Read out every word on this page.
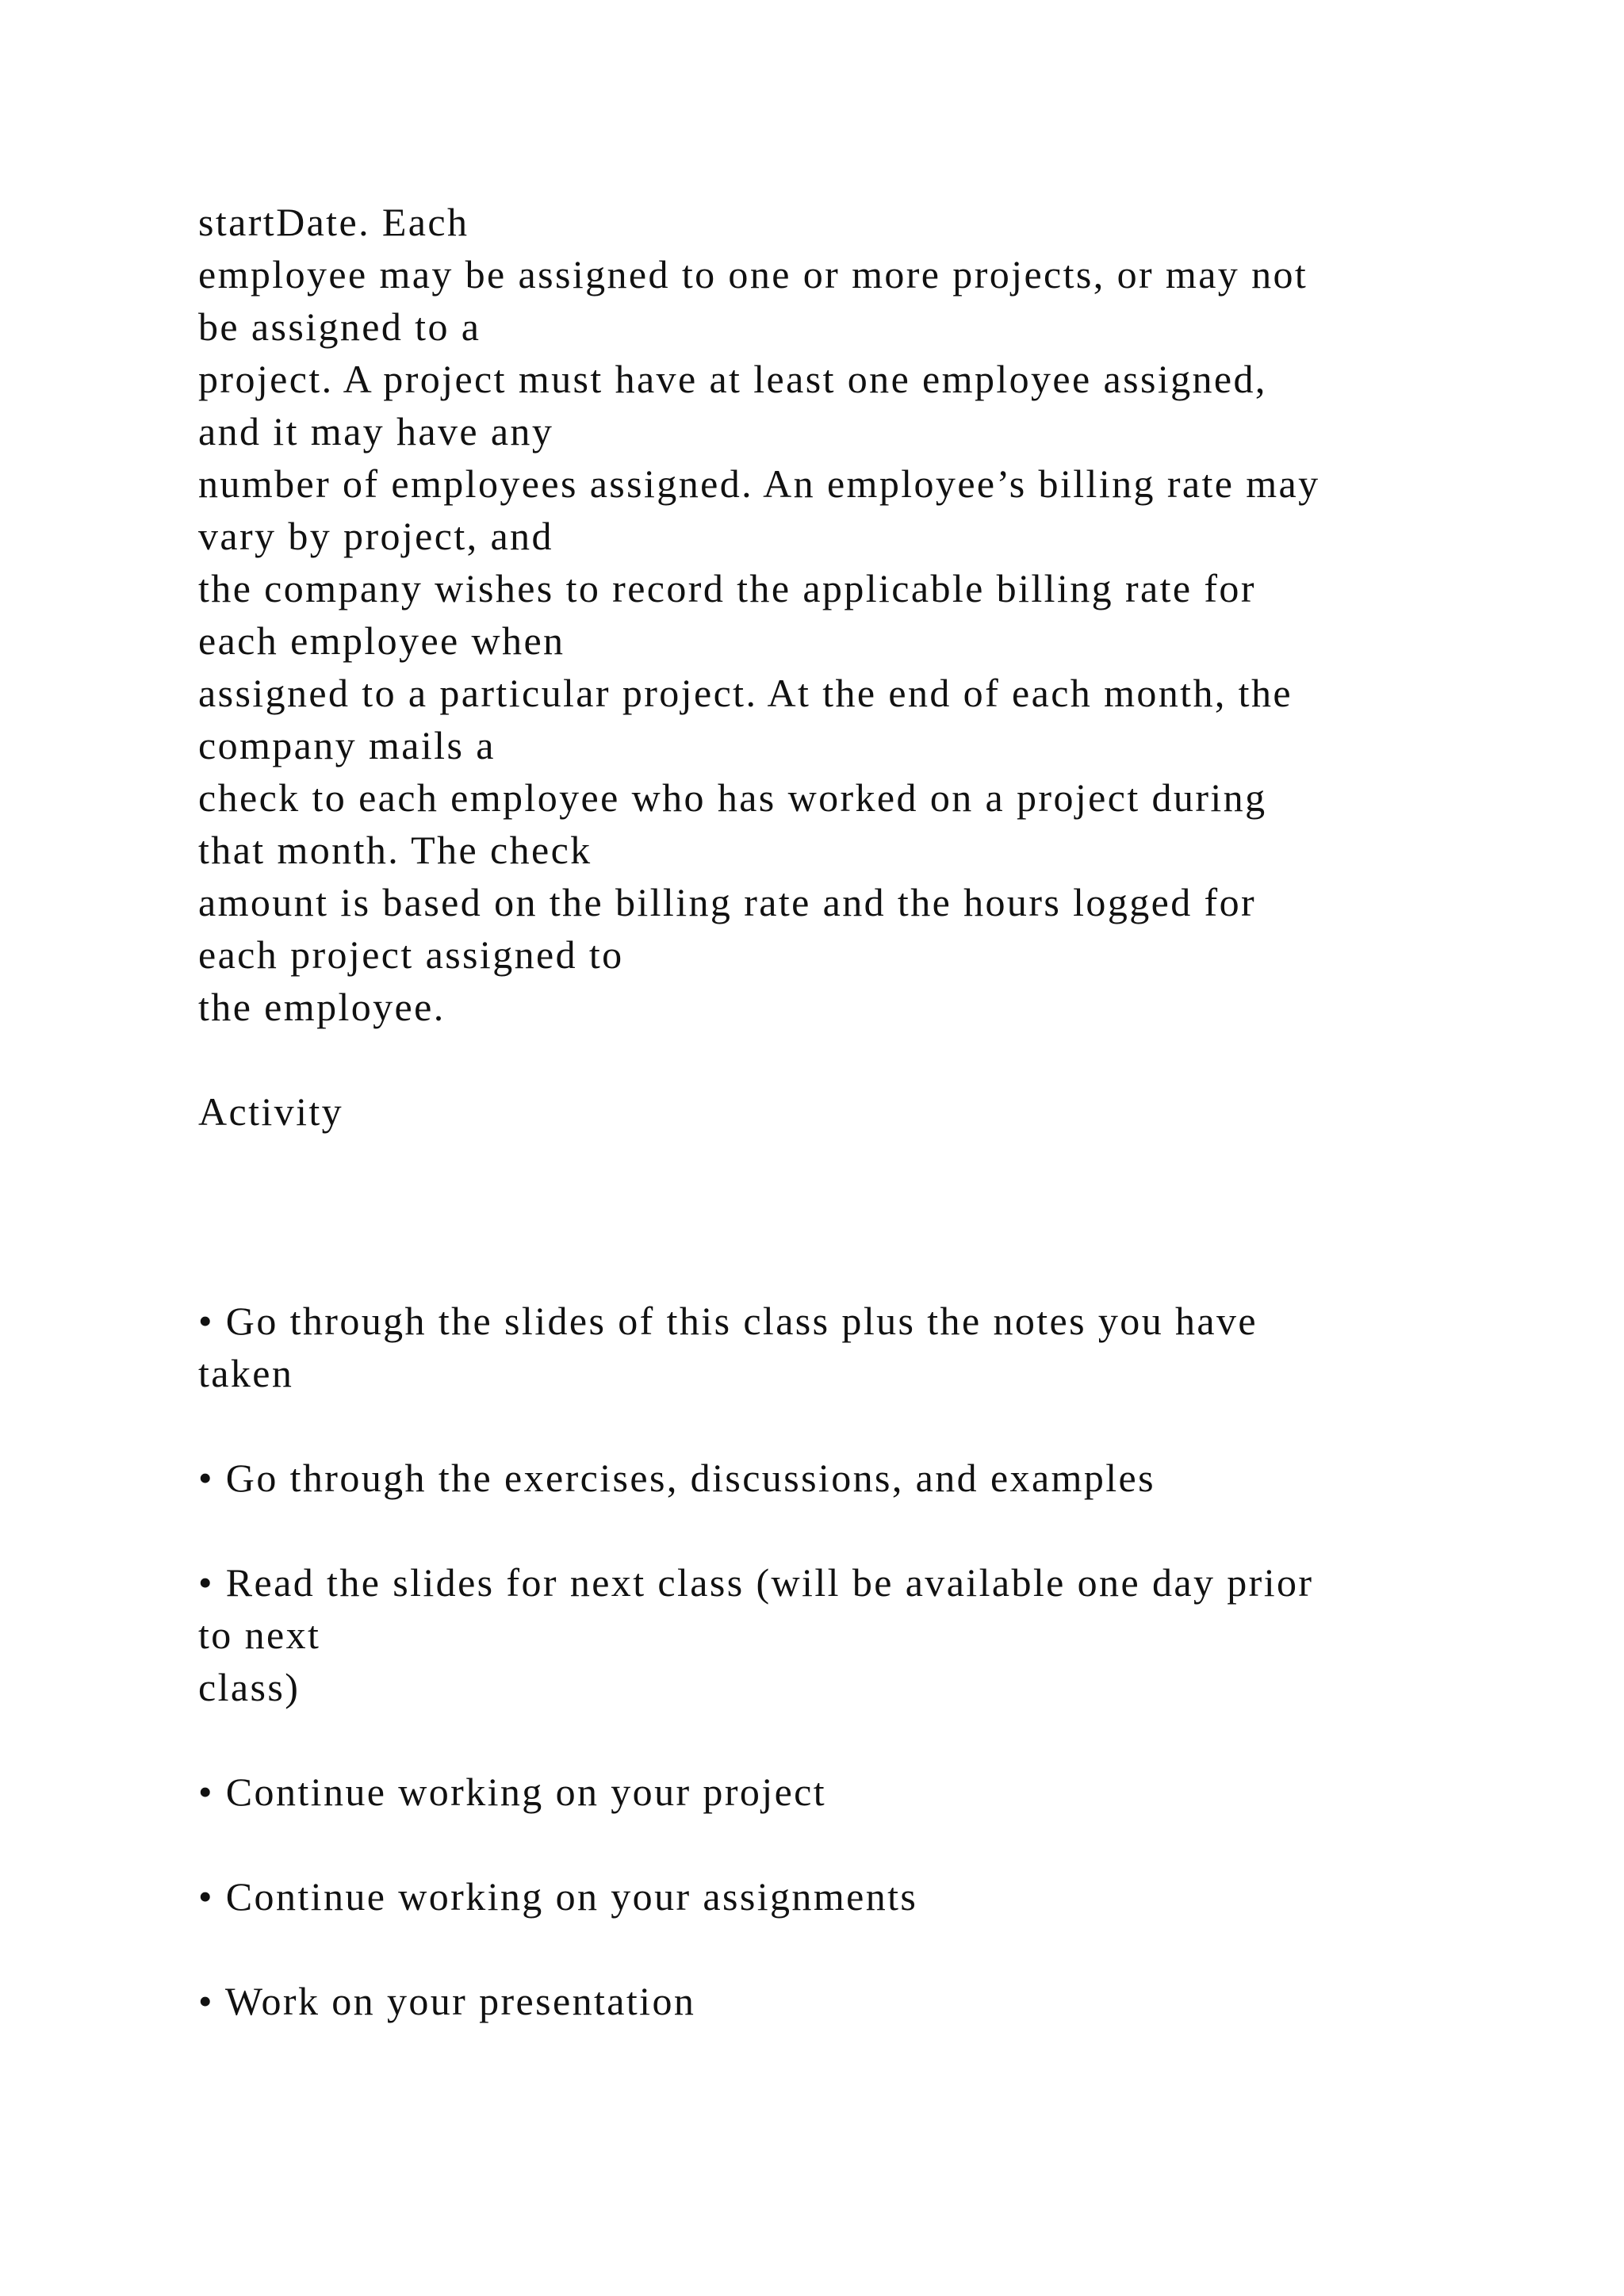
startDate. Each
employee may be assigned to one or more projects, or may not
be assigned to a
project. A project must have at least one employee assigned,
and it may have any
number of employees assigned. An employee’s billing rate may
vary by project, and
the company wishes to record the applicable billing rate for
each employee when
assigned to a particular project. At the end of each month, the
company mails a
check to each employee who has worked on a project during
that month. The check
amount is based on the billing rate and the hours logged for
each project assigned to
the employee.
Activity
• Go through the slides of this class plus the notes you have
taken
• Go through the exercises, discussions, and examples
• Read the slides for next class (will be available one day prior
to next
class)
• Continue working on your project
• Continue working on your assignments
• Work on your presentation
